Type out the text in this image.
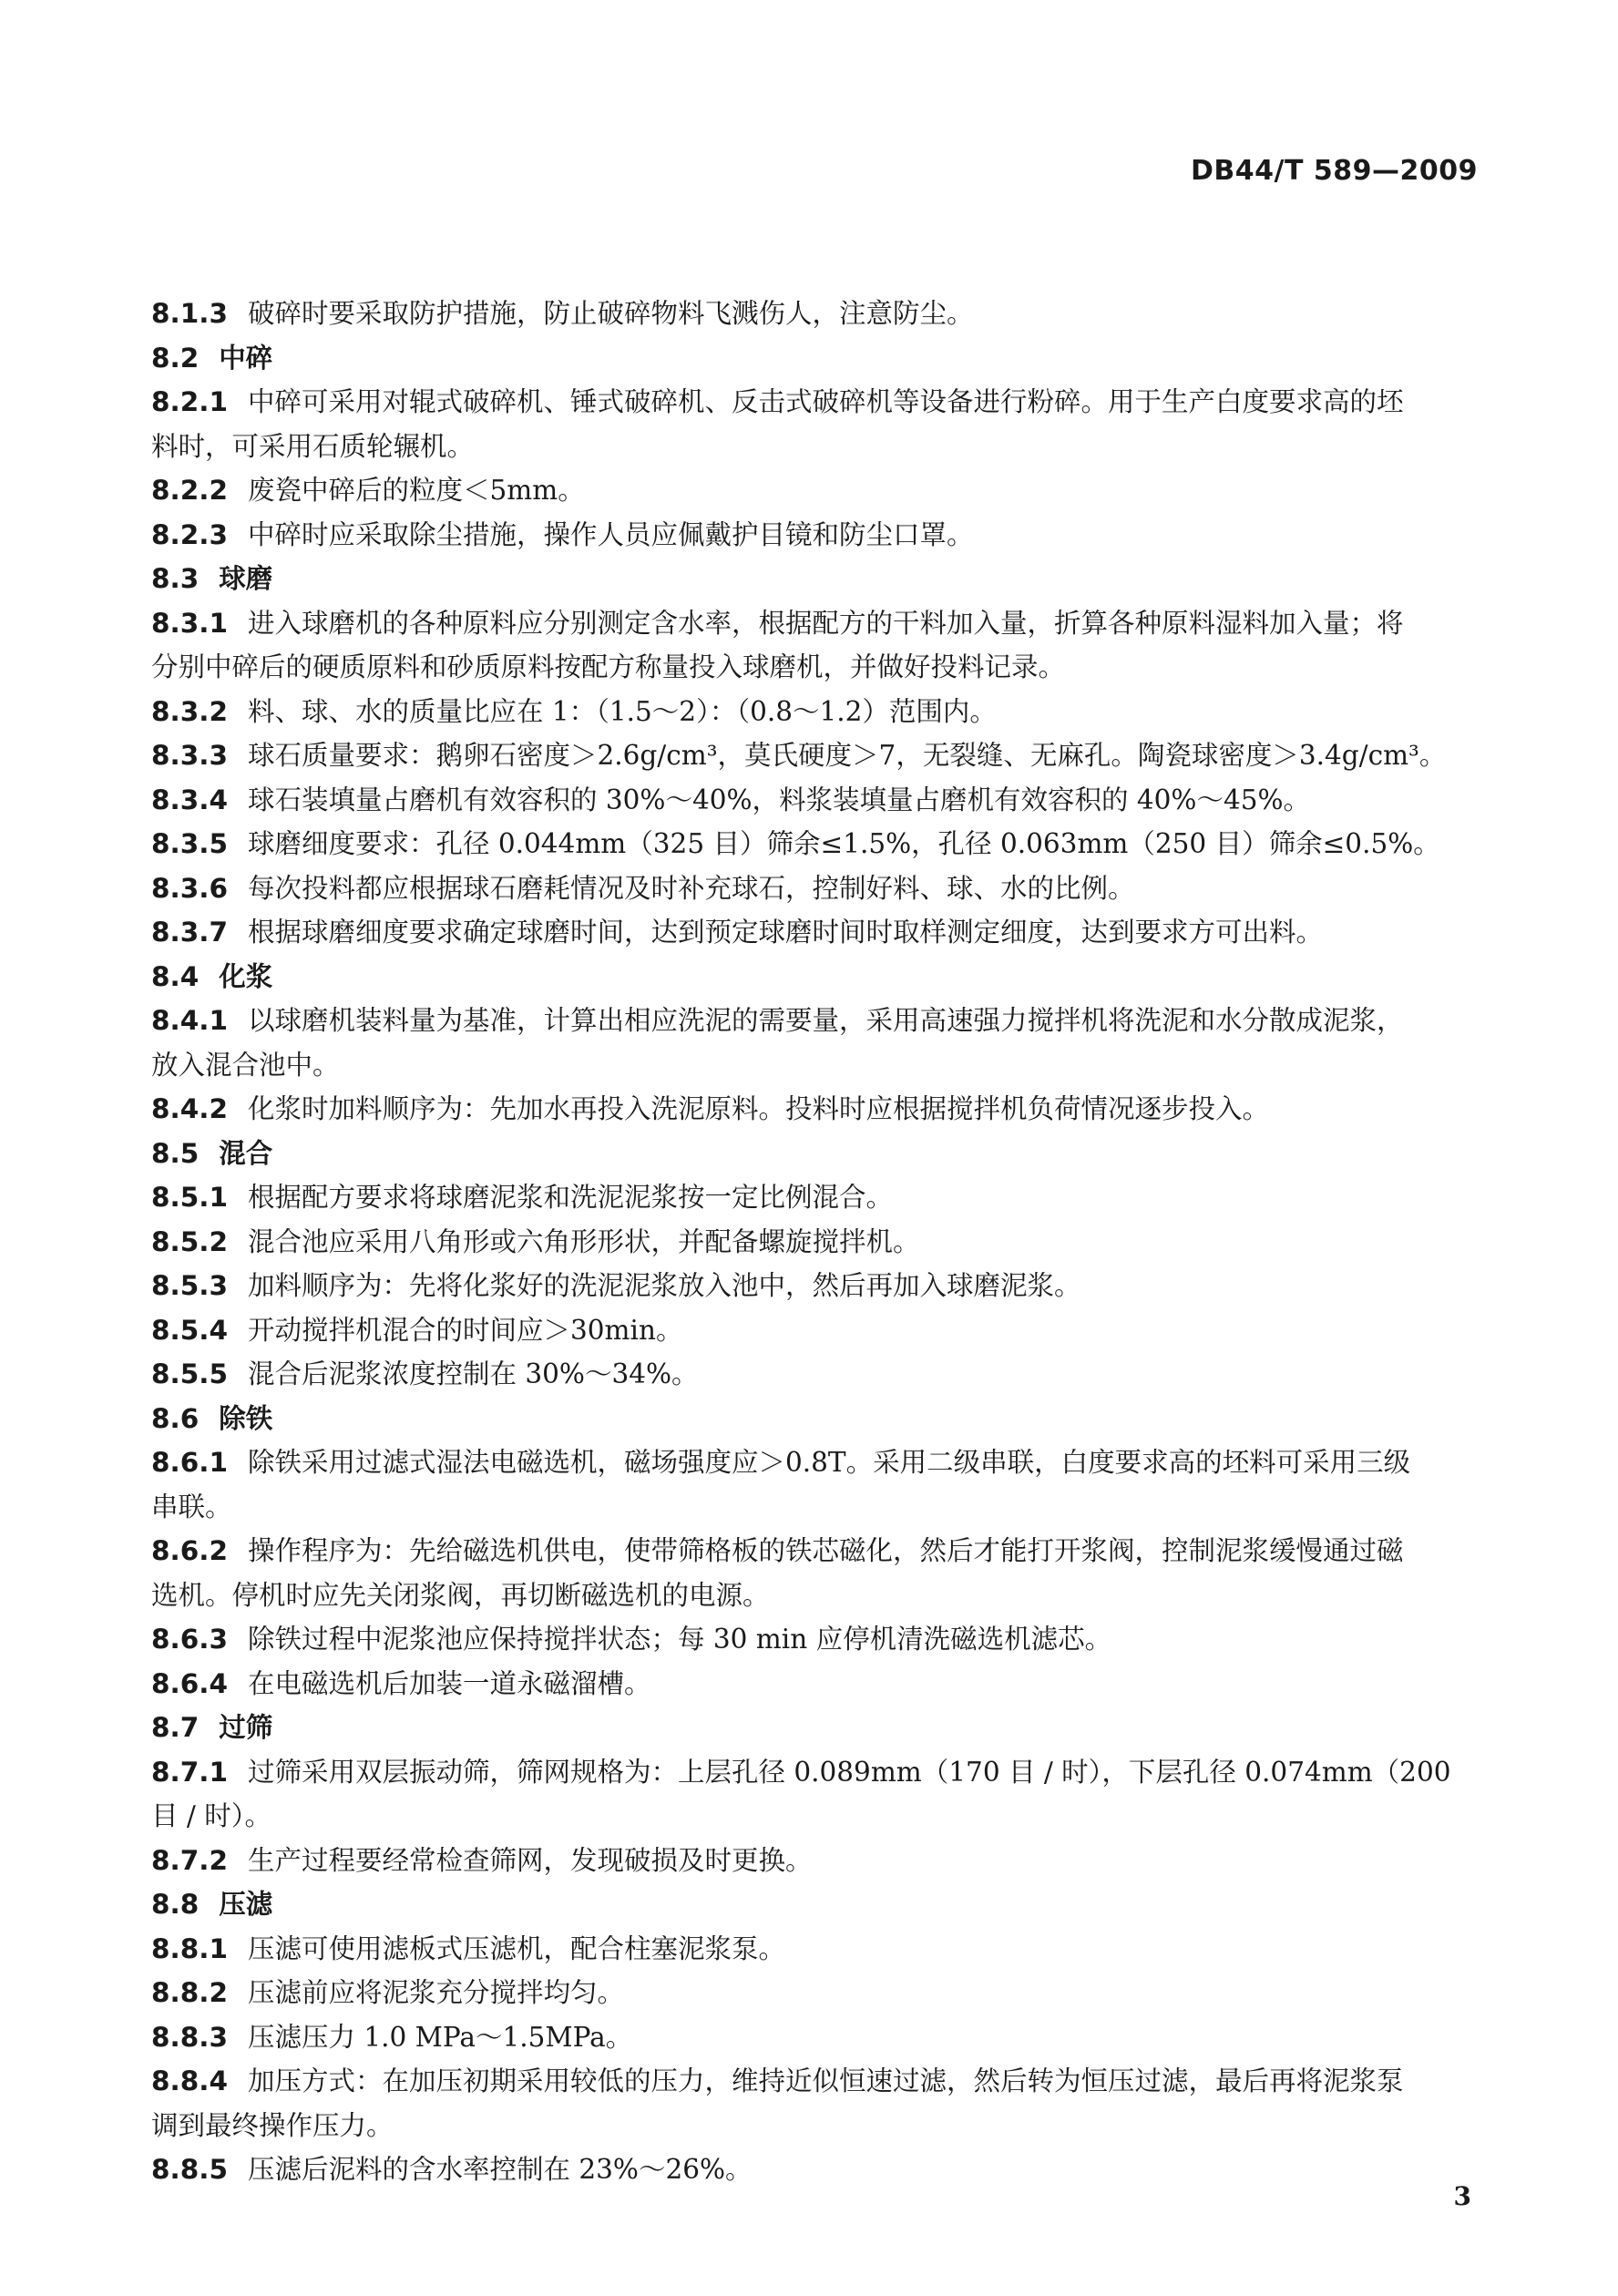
DB44/T 589—2009
8.1.3 破碎时要采取防护措施，防止破碎物料飞溅伤人，注意防尘。
8.2 中碎
8.2.1 中碎可采用对辊式破碎机、锤式破碎机、反击式破碎机等设备进行粉碎。用于生产白度要求高的坯
料时，可采用石质轮辗机。
8.2.2 废瓷中碎后的粒度＜5mm。
8.2.3 中碎时应采取除尘措施，操作人员应佩戴护目镜和防尘口罩。
8.3 球磨
8.3.1 进入球磨机的各种原料应分别测定含水率，根据配方的干料加入量，折算各种原料湿料加入量；将
分别中碎后的硬质原料和砂质原料按配方称量投入球磨机，并做好投料记录。
8.3.2 料、球、水的质量比应在 1：（1.5～2）：（0.8～1.2）范围内。
8.3.3 球石质量要求：鹅卵石密度＞2.6g/cm³，莫氏硬度＞7，无裂缝、无麻孔。陶瓷球密度＞3.4g/cm³。
8.3.4 球石装填量占磨机有效容积的 30%～40%，料浆装填量占磨机有效容积的 40%～45%。
8.3.5 球磨细度要求：孔径 0.044mm（325 目）筛余≤1.5%，孔径 0.063mm（250 目）筛余≤0.5%。
8.3.6 每次投料都应根据球石磨耗情况及时补充球石，控制好料、球、水的比例。
8.3.7 根据球磨细度要求确定球磨时间，达到预定球磨时间时取样测定细度，达到要求方可出料。
8.4 化浆
8.4.1 以球磨机装料量为基准，计算出相应洗泥的需要量，采用高速强力搅拌机将洗泥和水分散成泥浆，
放入混合池中。
8.4.2 化浆时加料顺序为：先加水再投入洗泥原料。投料时应根据搅拌机负荷情况逐步投入。
8.5 混合
8.5.1 根据配方要求将球磨泥浆和洗泥泥浆按一定比例混合。
8.5.2 混合池应采用八角形或六角形形状，并配备螺旋搅拌机。
8.5.3 加料顺序为：先将化浆好的洗泥泥浆放入池中，然后再加入球磨泥浆。
8.5.4 开动搅拌机混合的时间应＞30min。
8.5.5 混合后泥浆浓度控制在 30%～34%。
8.6 除铁
8.6.1 除铁采用过滤式湿法电磁选机，磁场强度应＞0.8T。采用二级串联，白度要求高的坯料可采用三级
串联。
8.6.2 操作程序为：先给磁选机供电，使带筛格板的铁芯磁化，然后才能打开浆阀，控制泥浆缓慢通过磁
选机。停机时应先关闭浆阀，再切断磁选机的电源。
8.6.3 除铁过程中泥浆池应保持搅拌状态；每 30 min 应停机清洗磁选机滤芯。
8.6.4 在电磁选机后加装一道永磁溜槽。
8.7 过筛
8.7.1 过筛采用双层振动筛，筛网规格为：上层孔径 0.089mm（170 目 / 时），下层孔径 0.074mm（200
目 / 时）。
8.7.2 生产过程要经常检查筛网，发现破损及时更换。
8.8 压滤
8.8.1 压滤可使用滤板式压滤机，配合柱塞泥浆泵。
8.8.2 压滤前应将泥浆充分搅拌均匀。
8.8.3 压滤压力 1.0 MPa～1.5MPa。
8.8.4 加压方式：在加压初期采用较低的压力，维持近似恒速过滤，然后转为恒压过滤，最后再将泥浆泵
调到最终操作压力。
8.8.5 压滤后泥料的含水率控制在 23%～26%。
3
